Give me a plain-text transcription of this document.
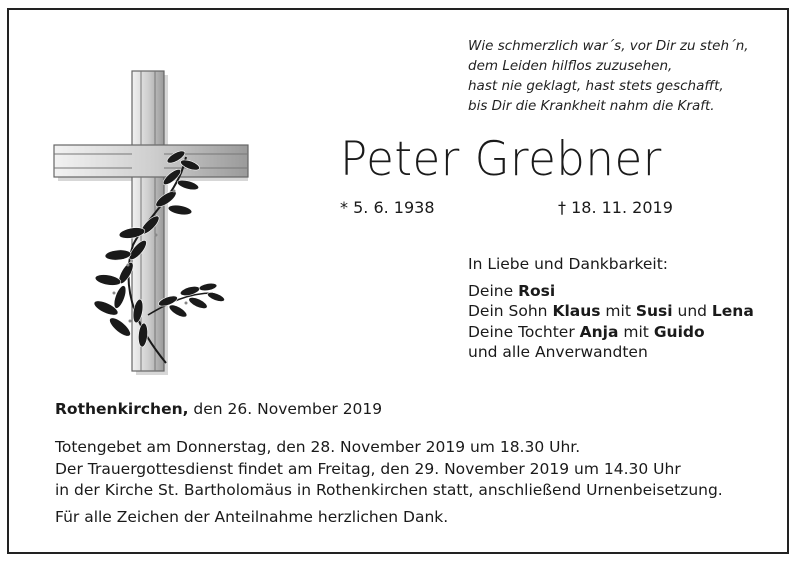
Wie schmerzlich war´s, vor Dir zu steh´n,
dem Leiden hilflos zuzusehen,
hast nie geklagt, hast stets geschafft,
bis Dir die Krankheit nahm die Kraft.
Peter Grebner
* 5. 6. 1938	† 18. 11. 2019
In Liebe und Dankbarkeit:
Deine Rosi
Dein Sohn Klaus mit Susi und Lena
Deine Tochter Anja mit Guido
und alle Anverwandten
Rothenkirchen, den 26. November 2019
Totengebet am Donnerstag, den 28. November 2019 um 18.30 Uhr.
Der Trauergottesdienst findet am Freitag, den 29. November 2019 um 14.30 Uhr
in der Kirche St. Bartholomäus in Rothenkirchen statt, anschließend Urnenbeisetzung.
Für alle Zeichen der Anteilnahme herzlichen Dank.
